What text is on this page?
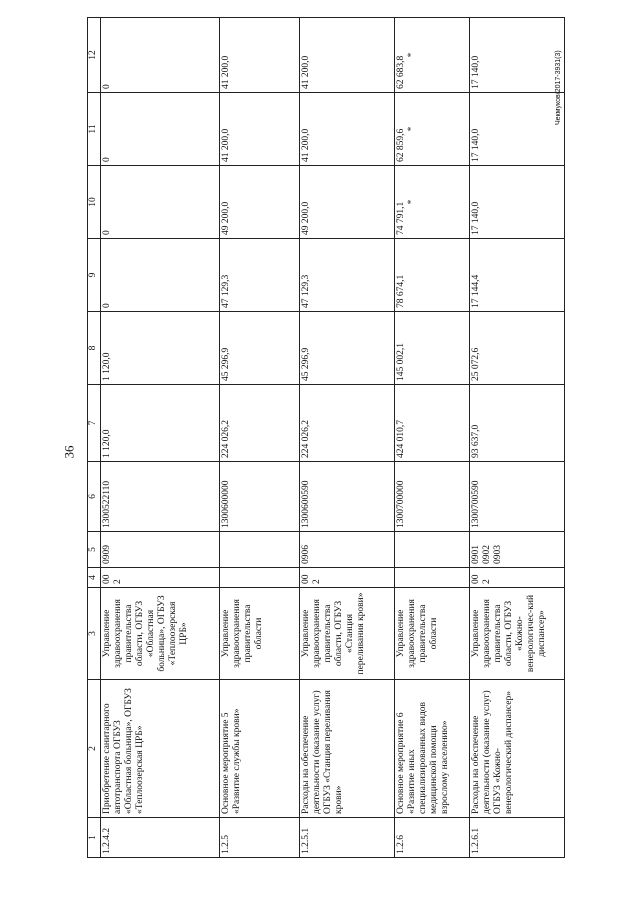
36
Чекмуков/2017-3931(3)
1	2	3	4	5	6	7	8	9	10	11	12
1.2.4.2	Приобретение санитарного автотранспорта ОГБУЗ «Областная больница», ОГБУЗ «Теплоозерская ЦРБ»	Управление здравоохранения правительства области, ОГБУЗ «Областная больница», ОГБУЗ «Теплоозерская ЦРБ»	002	0909	1300522110	1 120,0	1 120,0	0	0	0	0

1.2.5	Основное мероприятие 5 «Развитие службы крови»	Управление здравоохранения правительства области			1300600000	224 026,2	45 296,9	47 129,3	49 200,0	41 200,0	41 200,0

1.2.5.1	Расходы на обеспечение деятельности (оказание услуг) ОГБУЗ «Станция переливания крови»	Управление здравоохранения правительства области, ОГБУЗ «Станция переливания крови»	002	0906	1300600590	224 026,2	45 296,9	47 129,3	49 200,0	41 200,0	41 200,0

1.2.6	Основное мероприятие 6 «Развитие иных специализированных видов медицинской помощи взрослому населению»	Управление здравоохранения правительства области			1300700000	424 010,7	145 002,1	78 674,1	74 791,1 *	62 859,6 *	62 683,8
*

1.2.6.1	Расходы на обеспечение деятельности (оказание услуг) ОГБУЗ «Кожно-венерологический диспансер»	Управление здравоохранения правительства области, ОГБУЗ «Кожно-венерологичес-кий диспансер»	002	0901
0902
0903	1300700590	93 637,0	25 072,6	17 144,4	17 140,0	17 140,0	17 140,0
